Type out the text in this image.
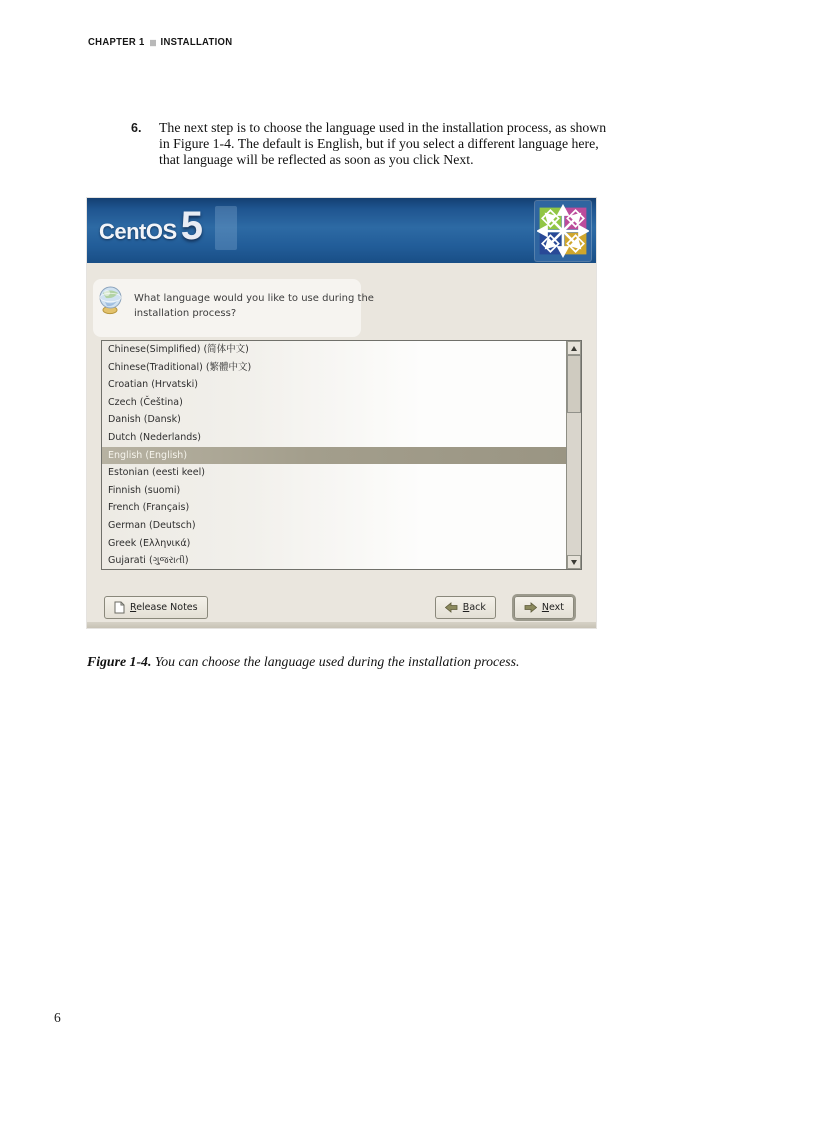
CHAPTER 1 INSTALLATION
6. The next step is to choose the language used in the installation process, as shown in Figure 1-4. The default is English, but if you select a different language here, that language will be reflected as soon as you click Next.
CentOS 5
What language would you like to use during the
installation process?
Chinese(Simplified) (简体中文)
Chinese(Traditional) (繁體中文)
Croatian (Hrvatski)
Czech (Čeština)
Danish (Dansk)
Dutch (Nederlands)
English (English)
Estonian (eesti keel)
Finnish (suomi)
French (Français)
German (Deutsch)
Greek (Ελληνικά)
Gujarati (ગુજરાતી)
Release Notes	Back	Next
Figure 1-4. You can choose the language used during the installation process.
6
